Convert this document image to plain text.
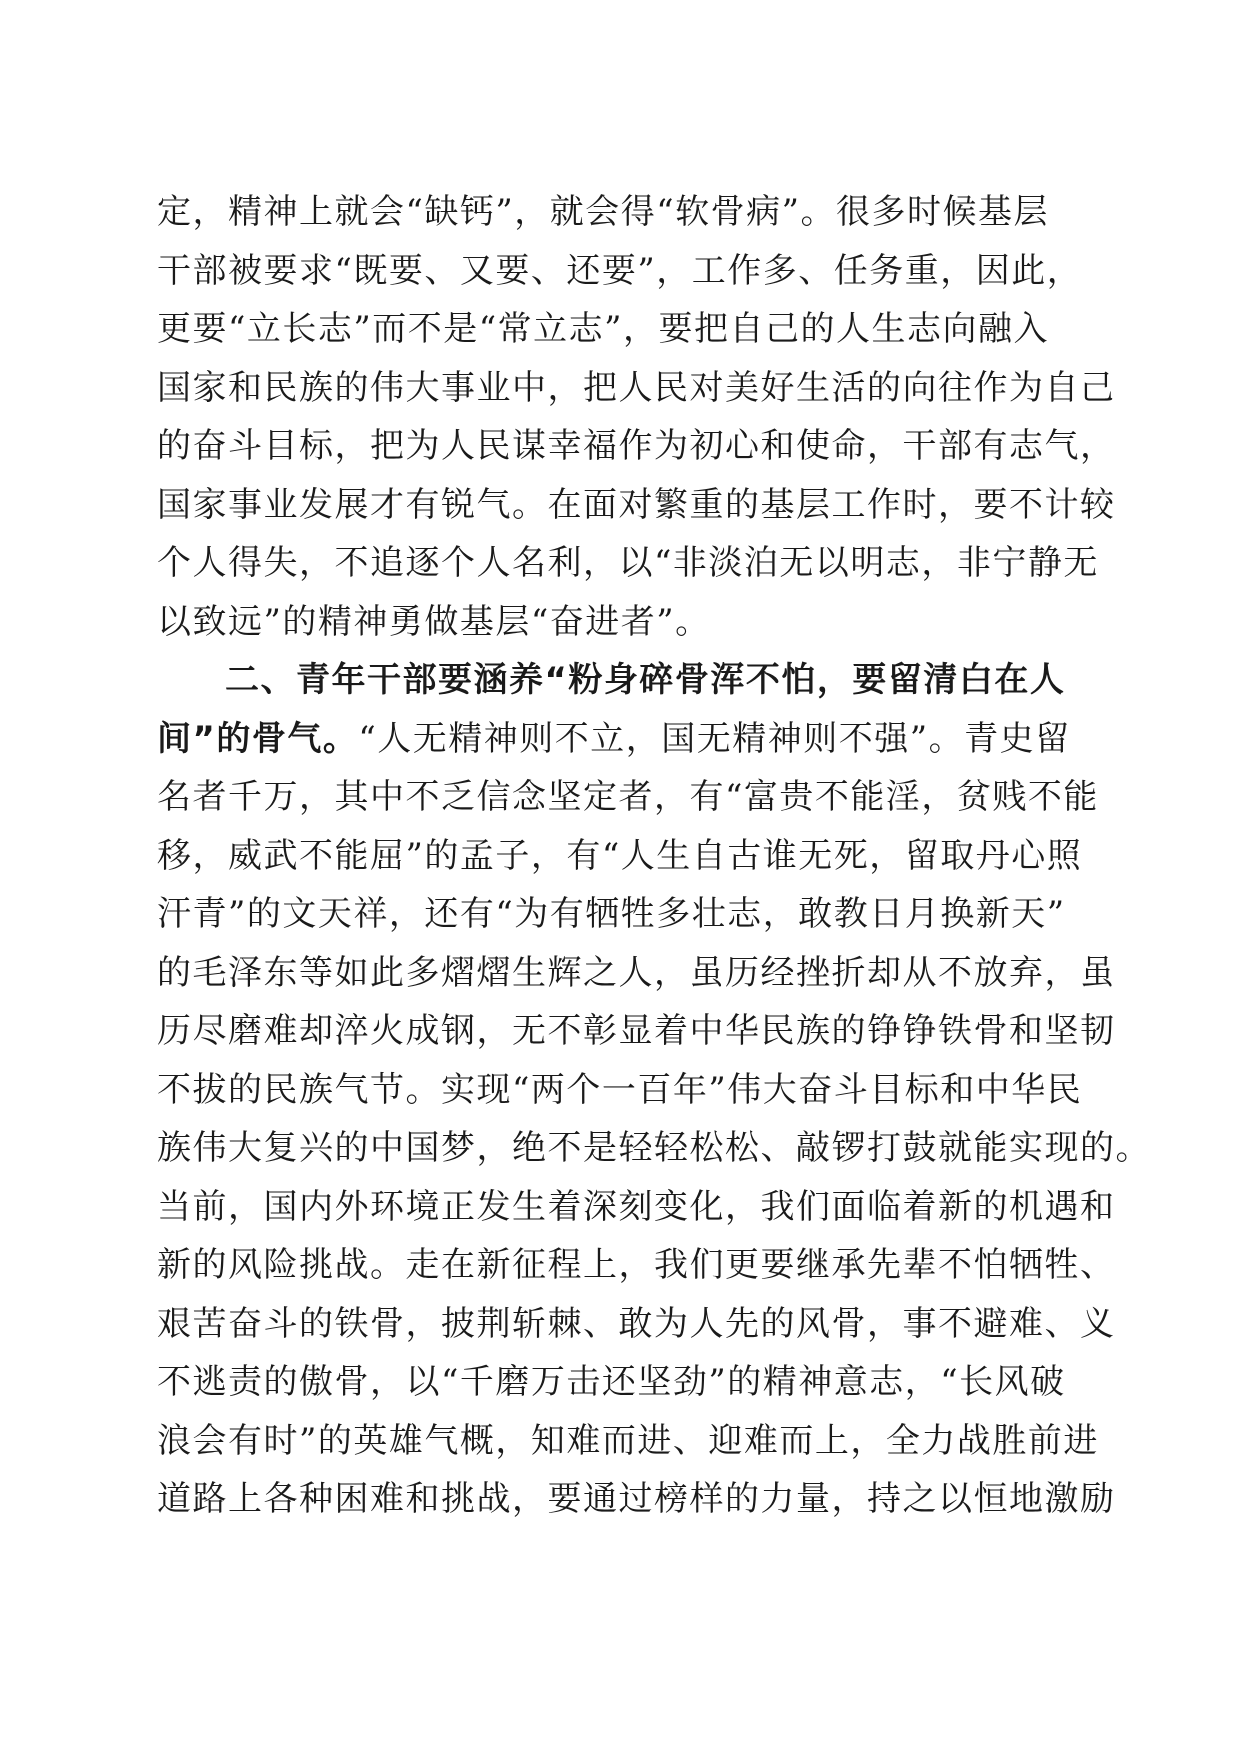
定，精神上就会“缺钙”，就会得“软骨病”。很多时候基层
干部被要求“既要、又要、还要”，工作多、任务重，因此，
更要“立长志”而不是“常立志”，要把自己的人生志向融入
国家和民族的伟大事业中，把人民对美好生活的向往作为自己
的奋斗目标，把为人民谋幸福作为初心和使命，干部有志气，
国家事业发展才有锐气。在面对繁重的基层工作时，要不计较
个人得失，不追逐个人名利，以“非淡泊无以明志，非宁静无
以致远”的精神勇做基层“奋进者”。
二、青年干部要涵养“粉身碎骨浑不怕，要留清白在人
间”的骨气。“人无精神则不立，国无精神则不强”。青史留
名者千万，其中不乏信念坚定者，有“富贵不能淫，贫贱不能
移，威武不能屈”的孟子，有“人生自古谁无死，留取丹心照
汗青”的文天祥，还有“为有牺牲多壮志，敢教日月换新天”
的毛泽东等如此多熠熠生辉之人，虽历经挫折却从不放弃，虽
历尽磨难却淬火成钢，无不彰显着中华民族的铮铮铁骨和坚韧
不拔的民族气节。实现“两个一百年”伟大奋斗目标和中华民
族伟大复兴的中国梦，绝不是轻轻松松、敲锣打鼓就能实现的。
当前，国内外环境正发生着深刻变化，我们面临着新的机遇和
新的风险挑战。走在新征程上，我们更要继承先辈不怕牺牲、
艰苦奋斗的铁骨，披荆斩棘、敢为人先的风骨，事不避难、义
不逃责的傲骨，以“千磨万击还坚劲”的精神意志，“长风破
浪会有时”的英雄气概，知难而进、迎难而上，全力战胜前进
道路上各种困难和挑战，要通过榜样的力量，持之以恒地激励
